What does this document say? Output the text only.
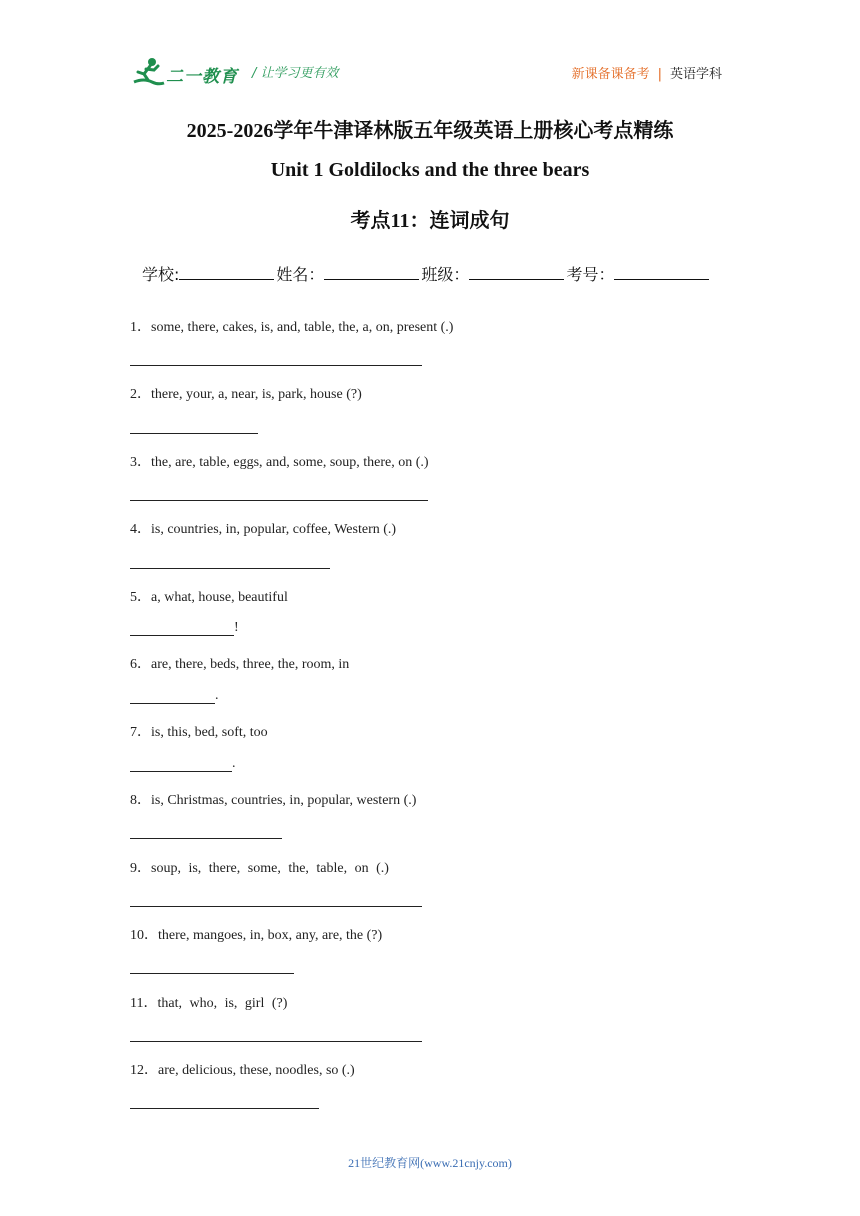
二一教育 / 让学习更有效	新课备课备考 | 英语学科
2025-2026学年牛津译林版五年级英语上册核心考点精练
Unit 1 Goldilocks and the three bears
考点11：连词成句
学校:	姓名：	班级：	考号：
1．some, there, cakes, is, and, table, the, a, on, present (.)
2．there, your, a, near, is, park, house (?)
3．the, are, table, eggs, and, some, soup, there, on (.)
4．is, countries, in, popular, coffee, Western (.)
5．a, what, house, beautiful
!
6．are, there, beds, three, the, room, in
.
7．is, this, bed, soft, too
.
8．is, Christmas, countries, in, popular, western (.)
9．soup, is, there, some, the, table, on (.)
10．there, mangoes, in, box, any, are, the (?)
11．that, who, is, girl (?)
12．are, delicious, these, noodles, so (.)
21世纪教育网(www.21cnjy.com)
